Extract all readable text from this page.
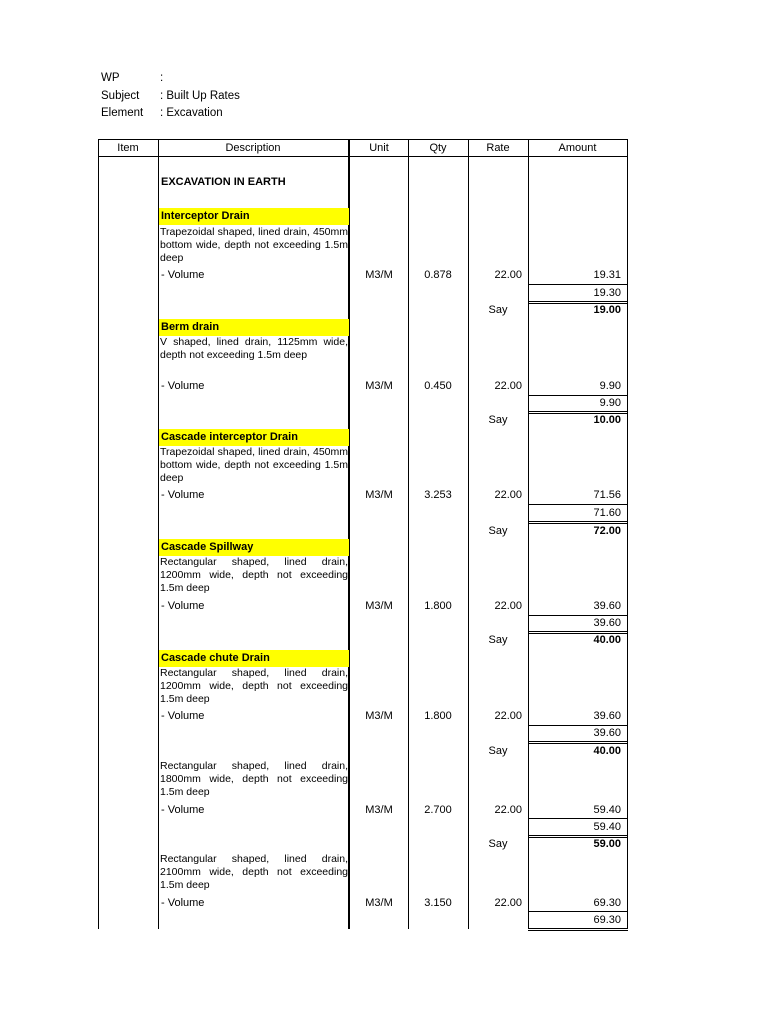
WP	:
Subject : Built Up Rates
Element : Excavation
Item	Description	Unit	Qty	Rate	Amount
EXCAVATION IN EARTH
Interceptor Drain
Trapezoidal shaped, lined drain, 450mm bottom wide, depth not exceeding 1.5m deep
- Volume	M3/M	0.878	22.00	19.31
19.30
Say	19.00
Berm drain
V shaped, lined drain, 1125mm wide, depth not exceeding 1.5m deep
- Volume	M3/M	0.450	22.00	9.90
9.90
Say	10.00
Cascade interceptor Drain
Trapezoidal shaped, lined drain, 450mm bottom wide, depth not exceeding 1.5m deep
- Volume	M3/M	3.253	22.00	71.56
71.60
Say	72.00
Cascade Spillway
Rectangular shaped, lined drain, 1200mm wide, depth not exceeding 1.5m deep
- Volume	M3/M	1.800	22.00	39.60
39.60
Say	40.00
Cascade chute Drain
Rectangular shaped, lined drain, 1200mm wide, depth not exceeding 1.5m deep
- Volume	M3/M	1.800	22.00	39.60
39.60
Say	40.00
Rectangular shaped, lined drain, 1800mm wide, depth not exceeding 1.5m deep
- Volume	M3/M	2.700	22.00	59.40
59.40
Say	59.00
Rectangular shaped, lined drain, 2100mm wide, depth not exceeding 1.5m deep
- Volume	M3/M	3.150	22.00	69.30
69.30
